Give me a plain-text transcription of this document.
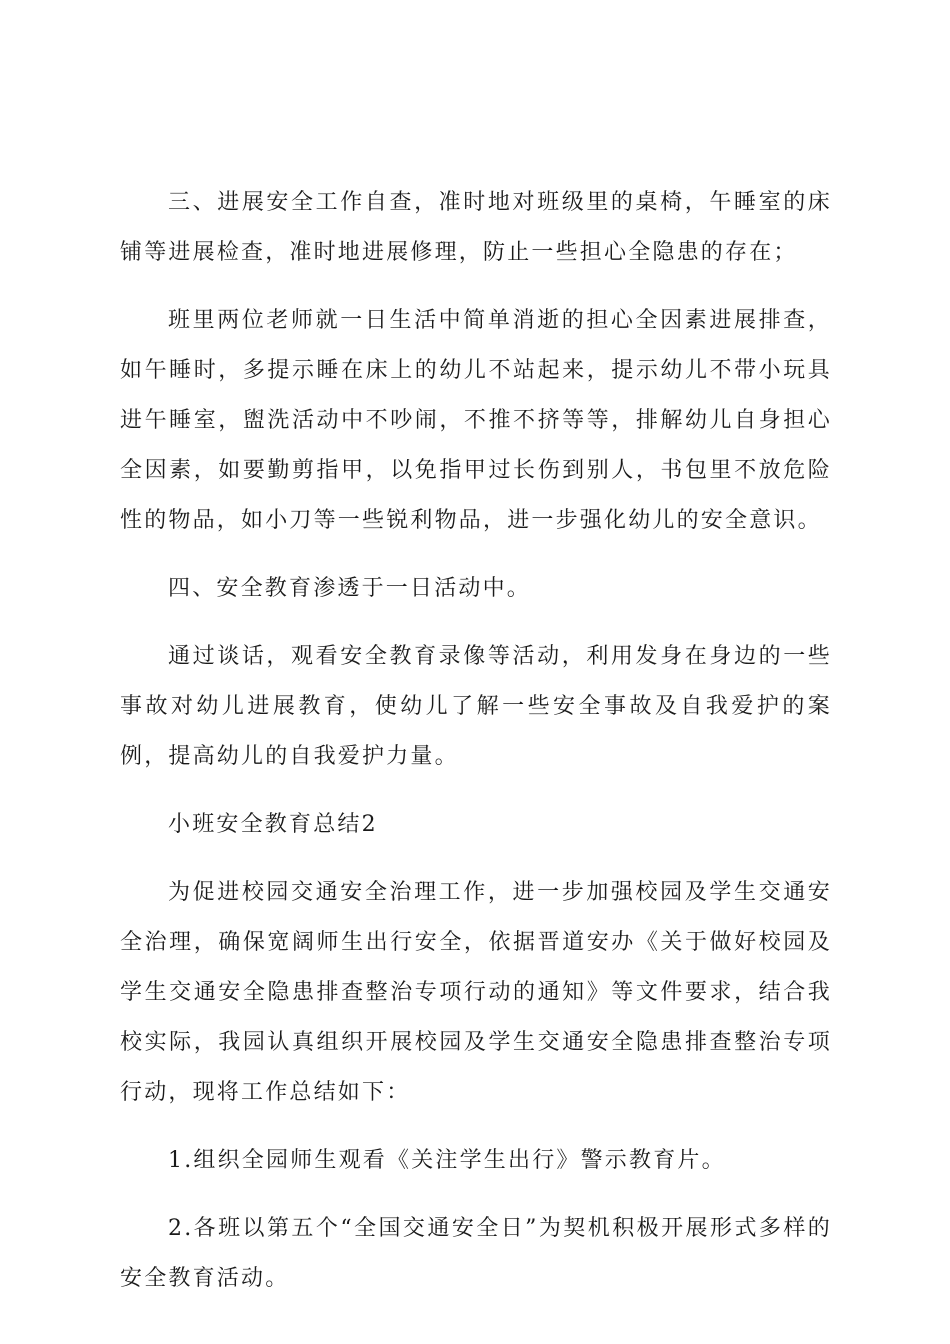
三、进展安全工作自查，准时地对班级里的桌椅，午睡室的床铺等进展检查，准时地进展修理，防止一些担心全隐患的存在；

班里两位老师就一日生活中简单消逝的担心全因素进展排查，如午睡时，多提示睡在床上的幼儿不站起来，提示幼儿不带小玩具进午睡室，盥洗活动中不吵闹，不推不挤等等，排解幼儿自身担心全因素，如要勤剪指甲，以免指甲过长伤到别人，书包里不放危险性的物品，如小刀等一些锐利物品，进一步强化幼儿的安全意识。

四、安全教育渗透于一日活动中。

通过谈话，观看安全教育录像等活动，利用发身在身边的一些事故对幼儿进展教育，使幼儿了解一些安全事故及自我爱护的案例，提高幼儿的自我爱护力量。

小班安全教育总结2

为促进校园交通安全治理工作，进一步加强校园及学生交通安全治理，确保宽阔师生出行安全，依据晋道安办《关于做好校园及学生交通安全隐患排查整治专项行动的通知》等文件要求，结合我校实际，我园认真组织开展校园及学生交通安全隐患排查整治专项行动，现将工作总结如下：

1.组织全园师生观看《关注学生出行》警示教育片。

2.各班以第五个“全国交通安全日”为契机积极开展形式多样的安全教育活动。
